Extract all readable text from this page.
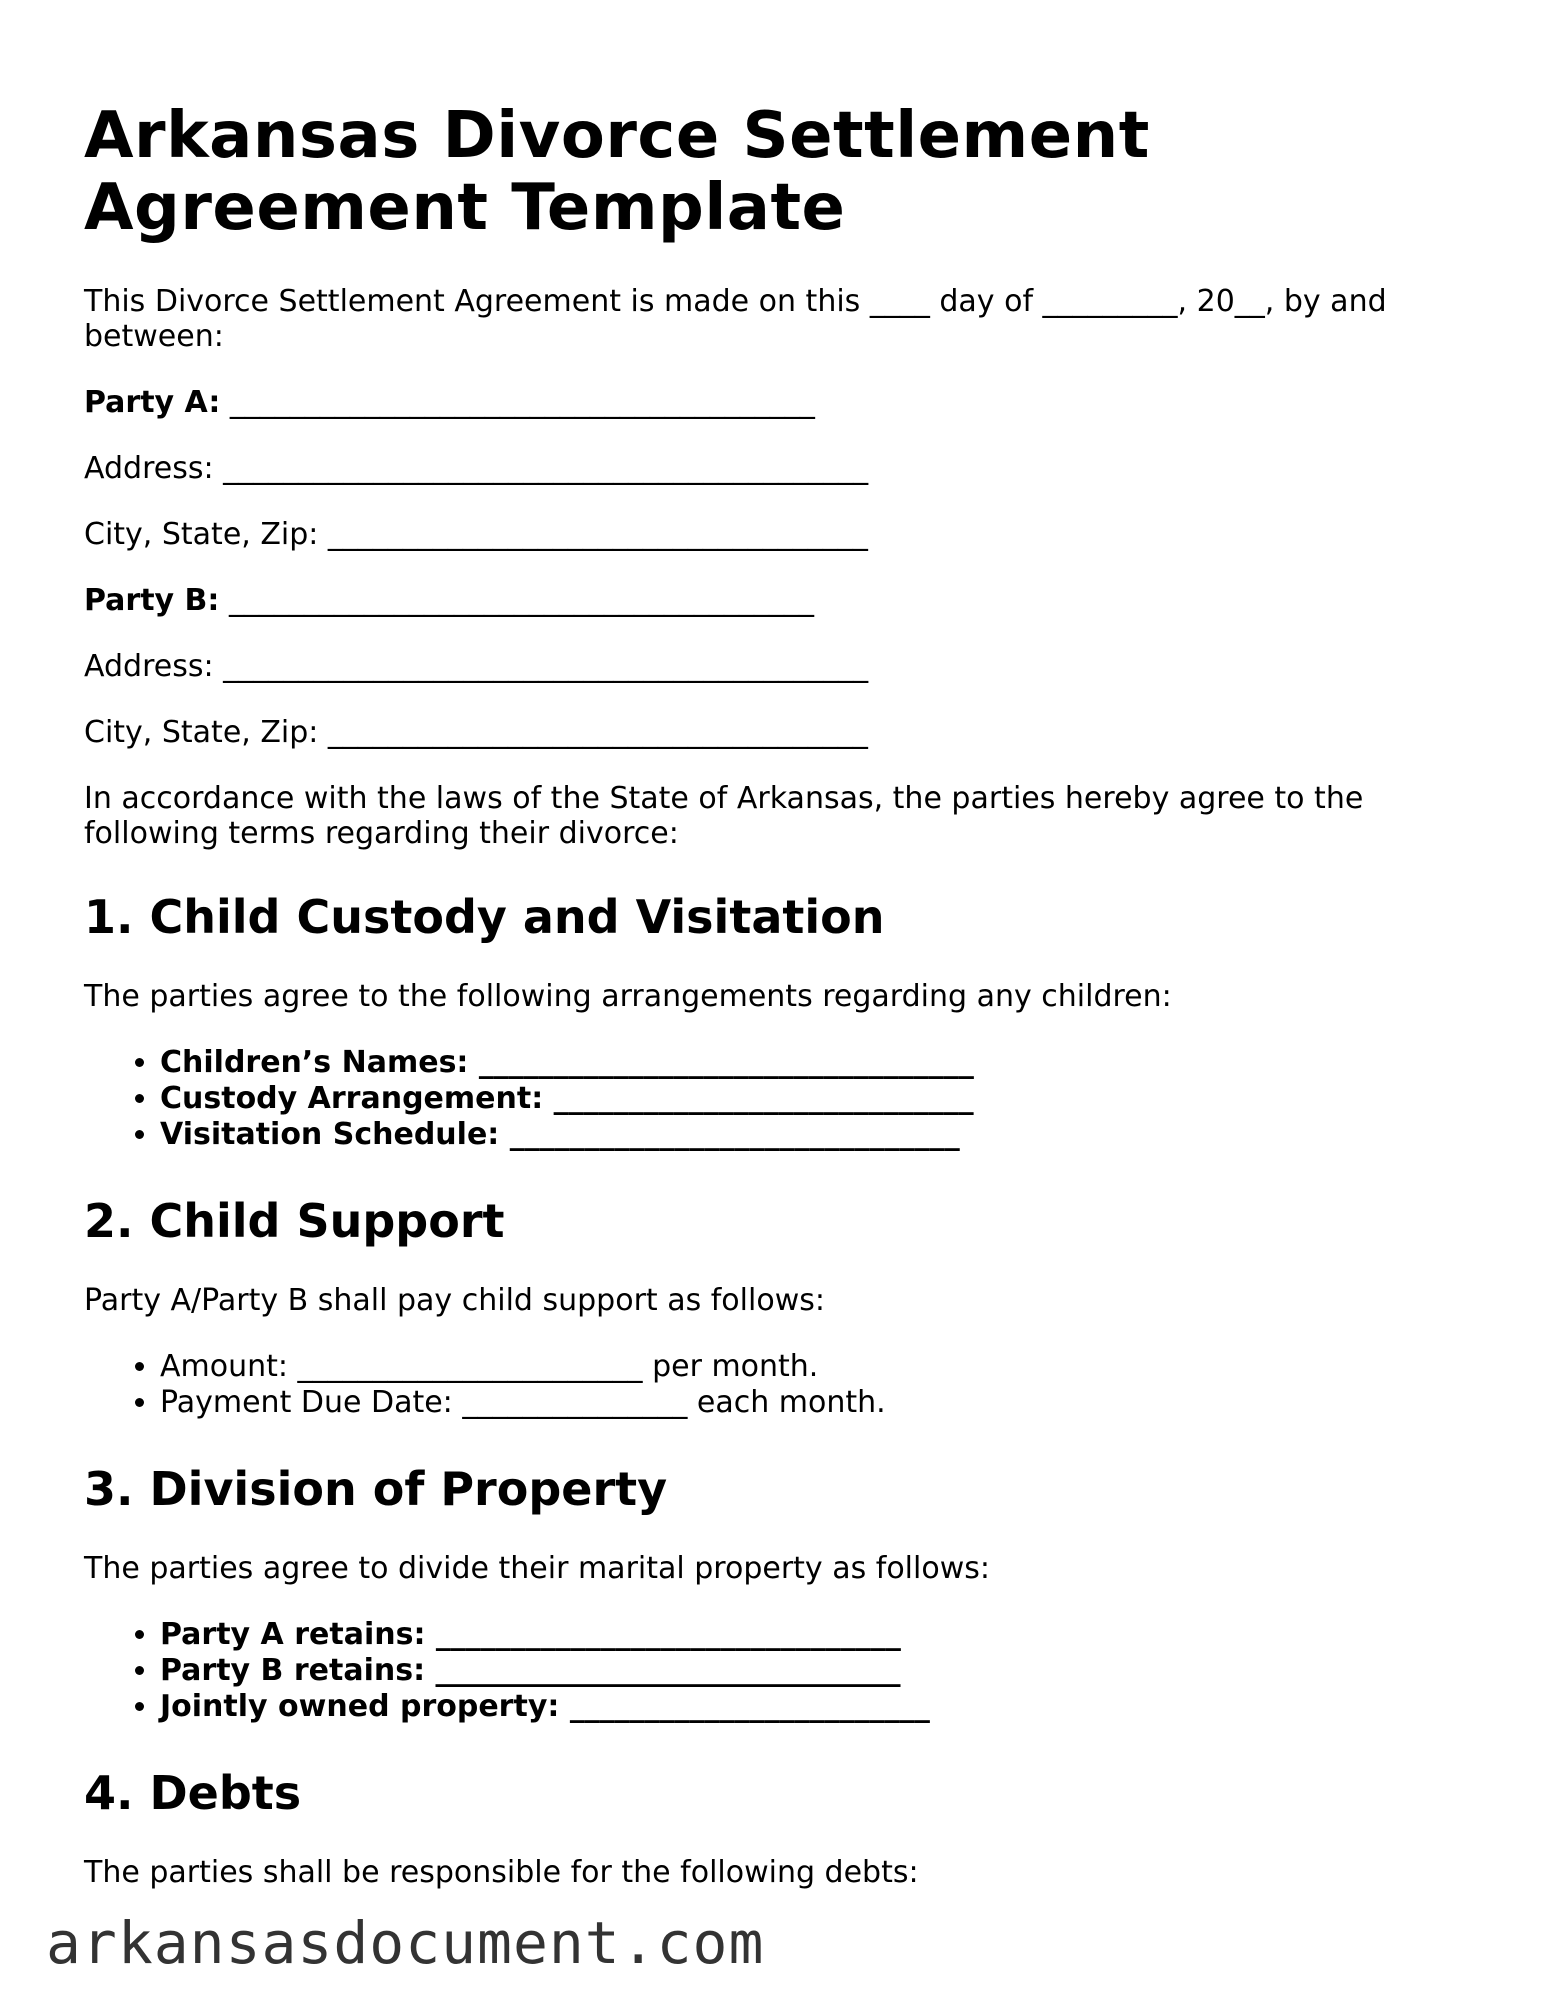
Arkansas Divorce Settlement
Agreement Template

This Divorce Settlement Agreement is made on this ____ day of _________, 20__, by and between:

Party A: _______________________________________
Address: ___________________________________________
City, State, Zip: ____________________________________
Party B: _______________________________________
Address: ___________________________________________
City, State, Zip: ____________________________________

In accordance with the laws of the State of Arkansas, the parties hereby agree to the following terms regarding their divorce:

1. Child Custody and Visitation

The parties agree to the following arrangements regarding any children:

• Children’s Names: _________________________________
• Custody Arrangement: ____________________________
• Visitation Schedule: ______________________________
2. Child Support

Party A/Party B shall pay child support as follows:

• Amount: _______________________ per month.
• Payment Due Date: _______________ each month.
3. Division of Property

The parties agree to divide their marital property as follows:

• Party A retains: _______________________________
• Party B retains: _______________________________
• Jointly owned property: ________________________
4. Debts

The parties shall be responsible for the following debts:

arkansasdocument.com
